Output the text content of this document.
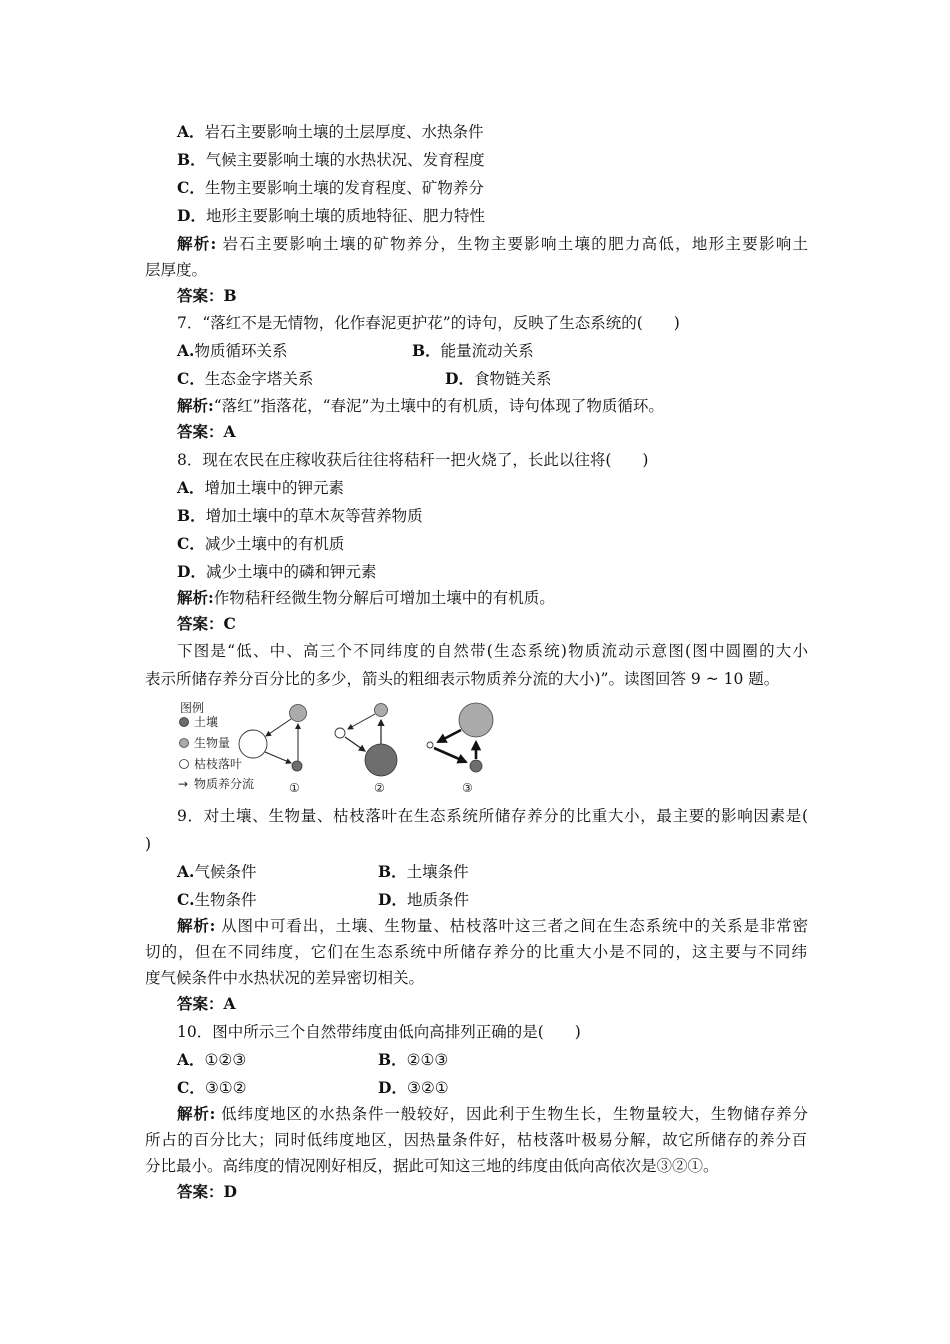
A．岩石主要影响土壤的土层厚度、水热条件
B．气候主要影响土壤的水热状况、发育程度
C．生物主要影响土壤的发育程度、矿物养分
D．地形主要影响土壤的质地特征、肥力特性
解析: 岩石主要影响土壤的矿物养分，生物主要影响土壤的肥力高低，地形主要影响土
层厚度。
答案：B
7．“落红不是无情物，化作春泥更护花”的诗句，反映了生态系统的(　　)
A.物质循环关系	B．能量流动关系
C．生态金字塔关系	D．食物链关系
解析:“落红”指落花，“春泥”为土壤中的有机质，诗句体现了物质循环。
答案：A
8．现在农民在庄稼收获后往往将秸秆一把火烧了，长此以往将(　　)
A．增加土壤中的钾元素
B．增加土壤中的草木灰等营养物质
C．减少土壤中的有机质
D．减少土壤中的磷和钾元素
解析:作物秸秆经微生物分解后可增加土壤中的有机质。
答案：C
下图是“低、中、高三个不同纬度的自然带(生态系统)物质流动示意图(图中圆圈的大小
表示所储存养分百分比的多少，箭头的粗细表示物质养分流的大小)”。读图回答 9 ~ 10 题。
图例
土壤
生物量
枯枝落叶
→ 物质养分流	①	②	③
9．对土壤、生物量、枯枝落叶在生态系统所储存养分的比重大小，最主要的影响因素是(
)
A.气候条件	B．土壤条件
C.生物条件	D．地质条件
解析: 从图中可看出，土壤、生物量、枯枝落叶这三者之间在生态系统中的关系是非常密
切的，但在不同纬度，它们在生态系统中所储存养分的比重大小是不同的，这主要与不同纬
度气候条件中水热状况的差异密切相关。
答案：A
10．图中所示三个自然带纬度由低向高排列正确的是(　　)
A．①②③	B．②①③
C．③①②	D．③②①
解析: 低纬度地区的水热条件一般较好，因此利于生物生长，生物量较大，生物储存养分
所占的百分比大；同时低纬度地区，因热量条件好，枯枝落叶极易分解，故它所储存的养分百
分比最小。高纬度的情况刚好相反，据此可知这三地的纬度由低向高依次是③②①。
答案：D
